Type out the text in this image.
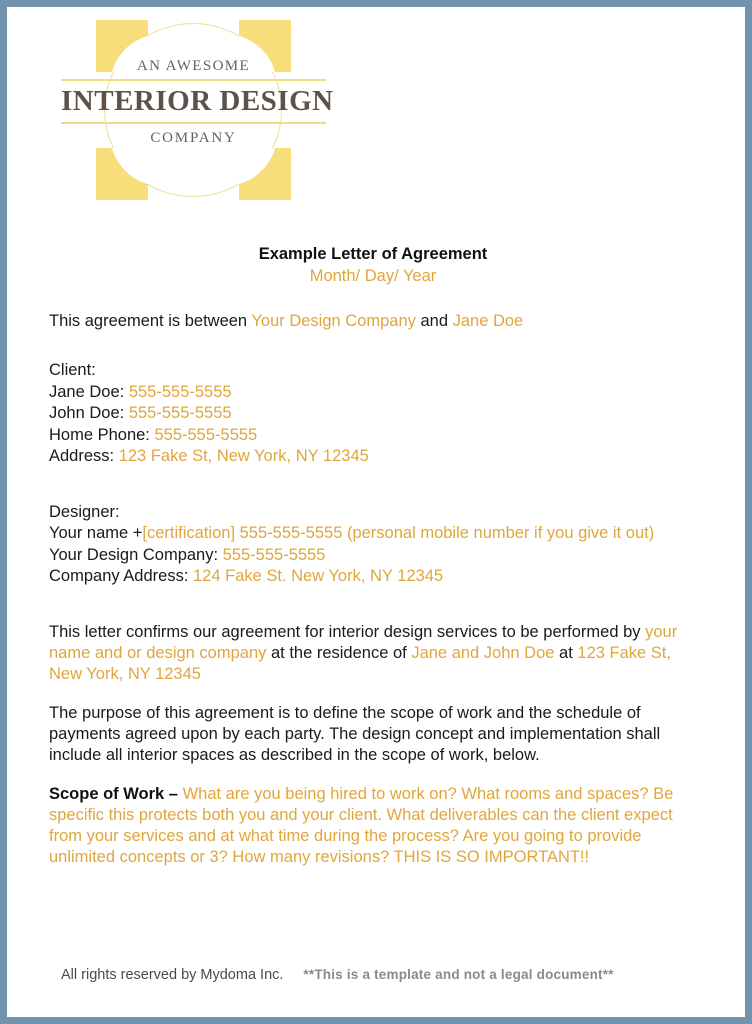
AN AWESOME
INTERIOR DESIGN
COMPANY
Example Letter of Agreement
Month/ Day/ Year
This agreement is between Your Design Company and Jane Doe
Client:
Jane Doe: 555-555-5555
John Doe: 555-555-5555
Home Phone: 555-555-5555
Address: 123 Fake St, New York, NY 12345
Designer:
Your name +[certification] 555-555-5555 (personal mobile number if you give it out)
Your Design Company: 555-555-5555
Company Address: 124 Fake St. New York, NY 12345
This letter confirms our agreement for interior design services to be performed by your name and or design company at the residence of Jane and John Doe at 123 Fake St, New York, NY 12345
The purpose of this agreement is to define the scope of work and the schedule of payments agreed upon by each party. The design concept and implementation shall include all interior spaces as described in the scope of work, below.
Scope of Work – What are you being hired to work on? What rooms and spaces? Be specific this protects both you and your client. What deliverables can the client expect from your services and at what time during the process? Are you going to provide unlimited concepts or 3? How many revisions? THIS IS SO IMPORTANT!!
All rights reserved by Mydoma Inc. **This is a template and not a legal document**
